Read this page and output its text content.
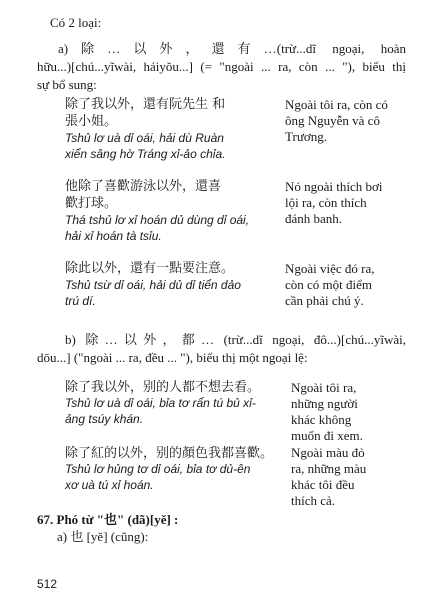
Có 2 loại:
a)除…以外，還有…(trừ...dĩ ngoại, hoàn
hữu...)[chú...yĩwài, háiyŏu...] (= "ngoài ... ra, còn ... "), biểu thị
sự bổ sung:
除了我以外，還有阮先生 和
張小姐。
Tshủ lơ uà dỉ oái, hải dù Ruàn
xiển sâng hờ Tráng xỉ-ảo chỉa.
Ngoài tôi ra, còn có
ông Nguyễn và cô
Trương.
他除了喜歡游泳以外，還喜
歡打球。
Thá tshủ lơ xỉ hoán dủ dùng dỉ oái,
hải xỉ hoán tà tsỉu.
Nó ngoài thích bơi
lội ra, còn thích
đánh banh.
除此以外，還有一點要注意。
Tshủ tsừ dỉ oái, hải dủ dỉ tiển dảo
trú dí.
Ngoài việc đó ra,
còn có một điểm
cần phải chú ý.
b) 除…以外，都… (trừ...dĩ ngoại, đô...)[chú...yĩwài,
dōu...] ("ngoài ... ra, đều ... "), biểu thị một ngoại lệ:
除了我以外，别的人都不想去看。
Tshủ lơ uà dỉ oái, bỉa tơ rẩn tú bủ xỉ-
ảng tsúy khán.
Ngoài tôi ra,
những người
khác không
muốn đi xem.
除了紅的以外，别的顏色我都喜歡。
Tshủ lơ hủng tơ dỉ oái, bỉa tơ dủ-ên
xơ uà tú xỉ hoán.
Ngoài màu đỏ
ra, những màu
khác tôi đều
thích cả.
67. Phó từ "也" (dã)[yě] :
a) 也 [yě] (cũng):
512
